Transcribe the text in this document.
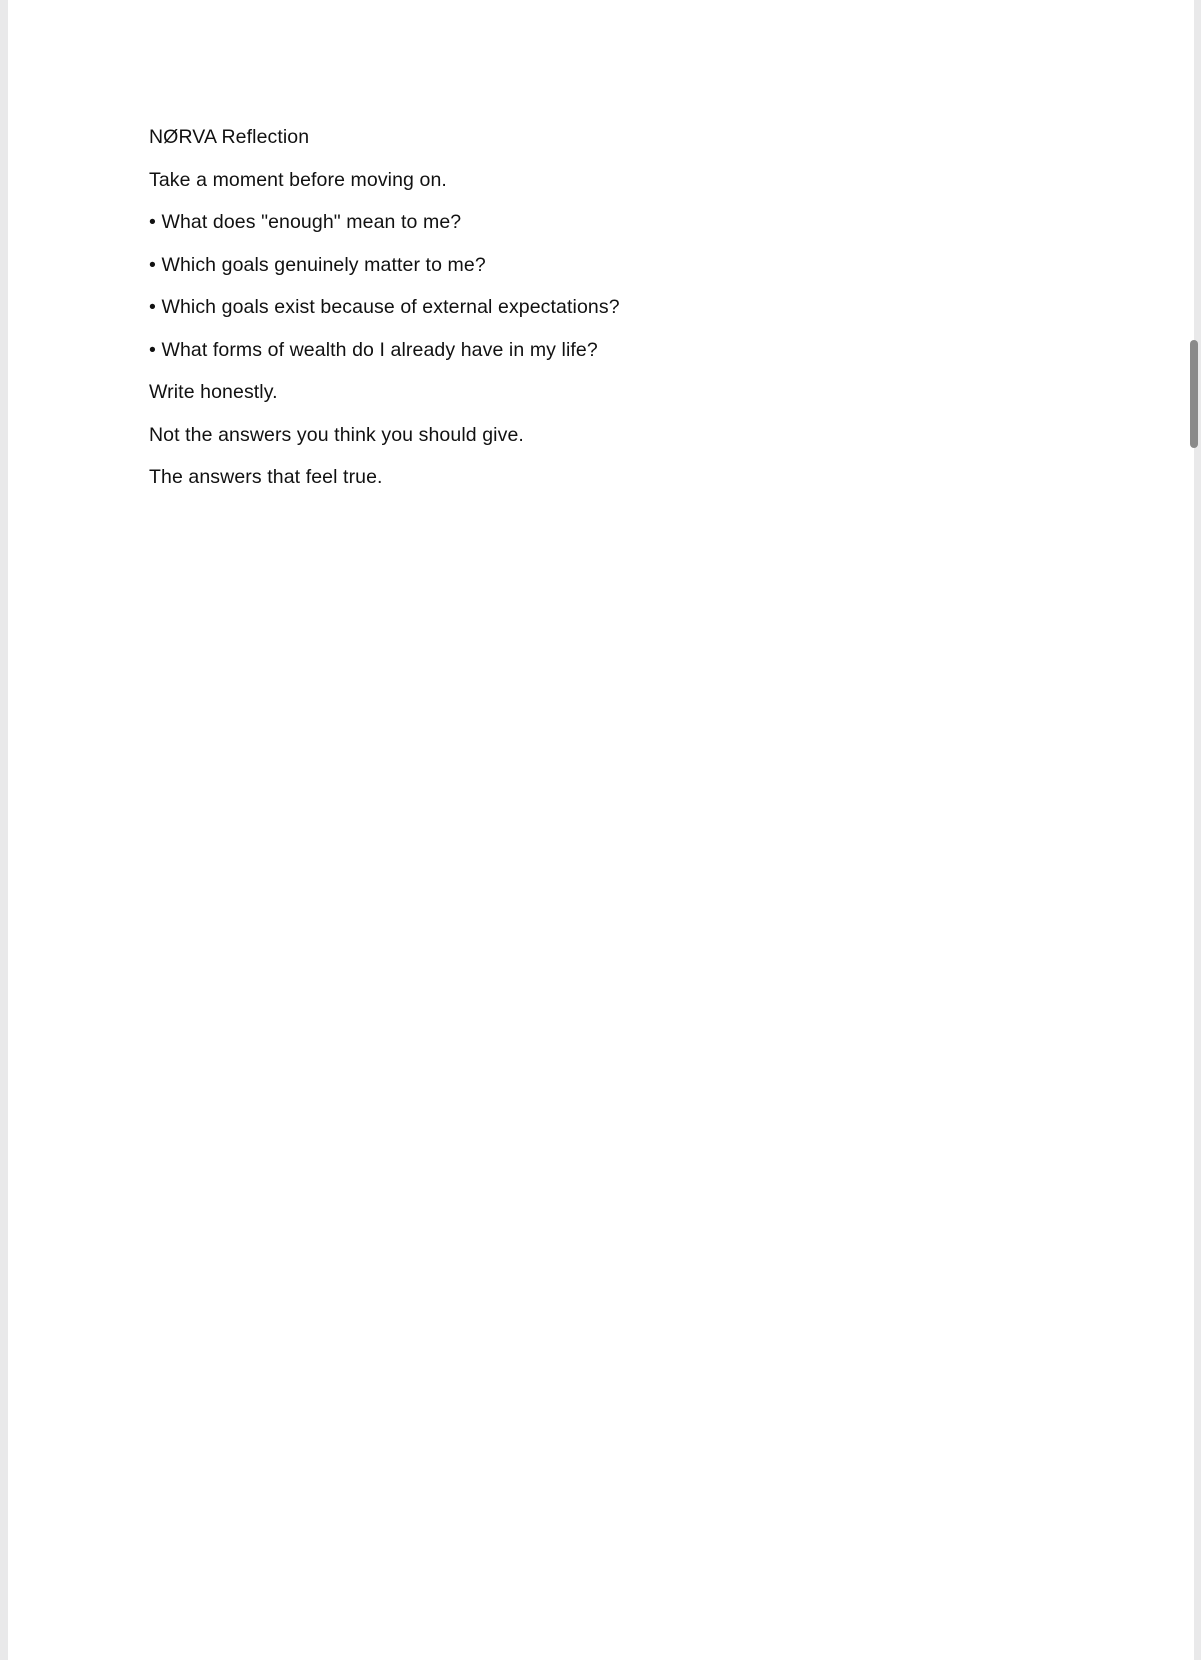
NØRVA Reflection
Take a moment before moving on.
• What does "enough" mean to me?
• Which goals genuinely matter to me?
• Which goals exist because of external expectations?
• What forms of wealth do I already have in my life?
Write honestly.
Not the answers you think you should give.
The answers that feel true.
